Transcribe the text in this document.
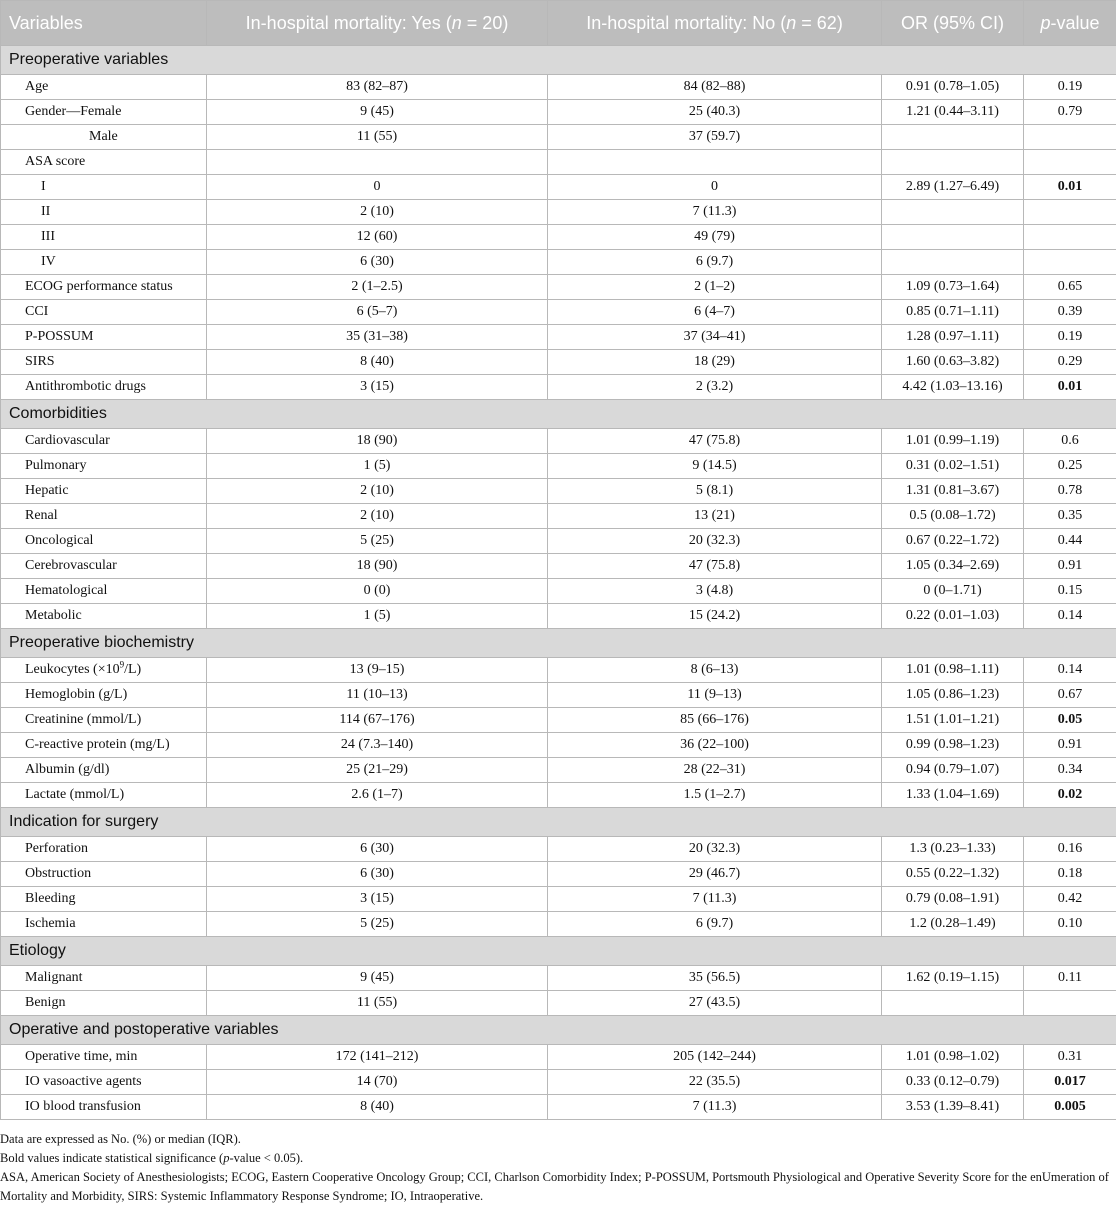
Variables	In-hospital mortality: Yes (n = 20)	In-hospital mortality: No (n = 62)	OR (95% CI)	p-value
Preoperative variables				
Age	83 (82–87)	84 (82–88)	0.91 (0.78–1.05)	0.19
Gender—Female	9 (45)	25 (40.3)	1.21 (0.44–3.11)	0.79
Male	11 (55)	37 (59.7)		
ASA score				
I	0	0	2.89 (1.27–6.49)	0.01
II	2 (10)	7 (11.3)		
III	12 (60)	49 (79)		
IV	6 (30)	6 (9.7)		
ECOG performance status	2 (1–2.5)	2 (1–2)	1.09 (0.73–1.64)	0.65
CCI	6 (5–7)	6 (4–7)	0.85 (0.71–1.11)	0.39
P-POSSUM	35 (31–38)	37 (34–41)	1.28 (0.97–1.11)	0.19
SIRS	8 (40)	18 (29)	1.60 (0.63–3.82)	0.29
Antithrombotic drugs	3 (15)	2 (3.2)	4.42 (1.03–13.16)	0.01
Comorbidities				
Cardiovascular	18 (90)	47 (75.8)	1.01 (0.99–1.19)	0.6
Pulmonary	1 (5)	9 (14.5)	0.31 (0.02–1.51)	0.25
Hepatic	2 (10)	5 (8.1)	1.31 (0.81–3.67)	0.78
Renal	2 (10)	13 (21)	0.5 (0.08–1.72)	0.35
Oncological	5 (25)	20 (32.3)	0.67 (0.22–1.72)	0.44
Cerebrovascular	18 (90)	47 (75.8)	1.05 (0.34–2.69)	0.91
Hematological	0 (0)	3 (4.8)	0 (0–1.71)	0.15
Metabolic	1 (5)	15 (24.2)	0.22 (0.01–1.03)	0.14
Preoperative biochemistry				
Leukocytes $(\times 10^9/L)$	13 (9–15)	8 (6–13)	1.01 (0.98–1.11)	0.14
Hemoglobin (g/L)	11 (10–13)	11 (9–13)	1.05 (0.86–1.23)	0.67
Creatinine (mmol/L)	114 (67–176)	85 (66–176)	1.51 (1.01–1.21)	0.05
C-reactive protein (mg/L)	24 (7.3–140)	36 (22–100)	0.99 (0.98–1.23)	0.91
Albumin (g/dl)	25 (21–29)	28 (22–31)	0.94 (0.79–1.07)	0.34
Lactate (mmol/L)	2.6 (1–7)	1.5 (1–2.7)	1.33 (1.04–1.69)	0.02
Indication for surgery				
Perforation	6 (30)	20 (32.3)	1.3 (0.23–1.33)	0.16
Obstruction	6 (30)	29 (46.7)	0.55 (0.22–1.32)	0.18
Bleeding	3 (15)	7 (11.3)	0.79 (0.08–1.91)	0.42
Ischemia	5 (25)	6 (9.7)	1.2 (0.28–1.49)	0.10
Etiology				
Malignant	9 (45)	35 (56.5)	1.62 (0.19–1.15)	0.11
Benign	11 (55)	27 (43.5)		
Operative and postoperative variables				
Operative time, min	172 (141–212)	205 (142–244)	1.01 (0.98–1.02)	0.31
IO vasoactive agents	14 (70)	22 (35.5)	0.33 (0.12–0.79)	0.017
IO blood transfusion	8 (40)	7 (11.3)	3.53 (1.39–8.41)	0.005

Data are expressed as No. (%) or median (IQR).

Bold values indicate statistical significance (p-value < 0.05).

ASA, American Society of Anesthesiologists; ECOG, Eastern Cooperative Oncology Group; CCI, Charlson Comorbidity Index; P-POSSUM, Portsmouth Physiological and Operative Severity Score for the enUmeration of Mortality and Morbidity, SIRS: Systemic Inflammatory Response Syndrome; IO, Intraoperative.
